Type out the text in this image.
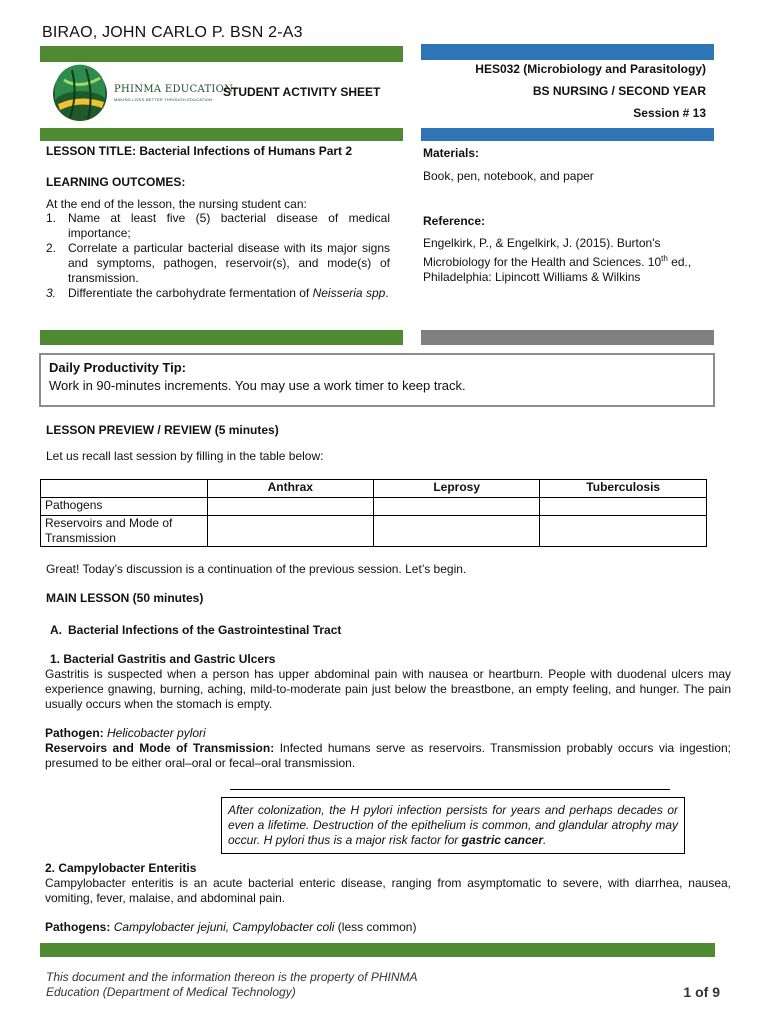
BIRAO, JOHN CARLO P. BSN 2-A3
PHINMA EDUCATION
MAKING LIVES BETTER THROUGH EDUCATION
STUDENT ACTIVITY SHEET
HES032 (Microbiology and Parasitology)
BS NURSING / SECOND YEAR
Session # 13
LESSON TITLE: Bacterial Infections of Humans Part 2
LEARNING OUTCOMES:
At the end of the lesson, the nursing student can:
1. Name at least five (5) bacterial disease of medical importance;
2. Correlate a particular bacterial disease with its major signs and symptoms, pathogen, reservoir(s), and mode(s) of transmission.
3. Differentiate the carbohydrate fermentation of Neisseria spp.
Materials:
Book, pen, notebook, and paper
Reference:
Engelkirk, P., & Engelkirk, J. (2015). Burton's Microbiology for the Health and Sciences. 10th ed., Philadelphia: Lipincott Williams & Wilkins
Daily Productivity Tip:
Work in 90-minutes increments. You may use a work timer to keep track.
LESSON PREVIEW / REVIEW (5 minutes)
Let us recall last session by filling in the table below:
	Anthrax	Leprosy	Tuberculosis
Pathogens			
Reservoirs and Mode of Transmission			
Great! Today’s discussion is a continuation of the previous session. Let’s begin.
MAIN LESSON (50 minutes)
A. Bacterial Infections of the Gastrointestinal Tract
1. Bacterial Gastritis and Gastric Ulcers
Gastritis is suspected when a person has upper abdominal pain with nausea or heartburn. People with duodenal ulcers may experience gnawing, burning, aching, mild-to-moderate pain just below the breastbone, an empty feeling, and hunger. The pain usually occurs when the stomach is empty.
Pathogen: Helicobacter pylori
Reservoirs and Mode of Transmission: Infected humans serve as reservoirs. Transmission probably occurs via ingestion; presumed to be either oral–oral or fecal–oral transmission.
After colonization, the H pylori infection persists for years and perhaps decades or even a lifetime. Destruction of the epithelium is common, and glandular atrophy may occur. H pylori thus is a major risk factor for gastric cancer.
2. Campylobacter Enteritis
Campylobacter enteritis is an acute bacterial enteric disease, ranging from asymptomatic to severe, with diarrhea, nausea, vomiting, fever, malaise, and abdominal pain.
Pathogens: Campylobacter jejuni, Campylobacter coli (less common)
This document and the information thereon is the property of PHINMA Education (Department of Medical Technology)	1 of 9
